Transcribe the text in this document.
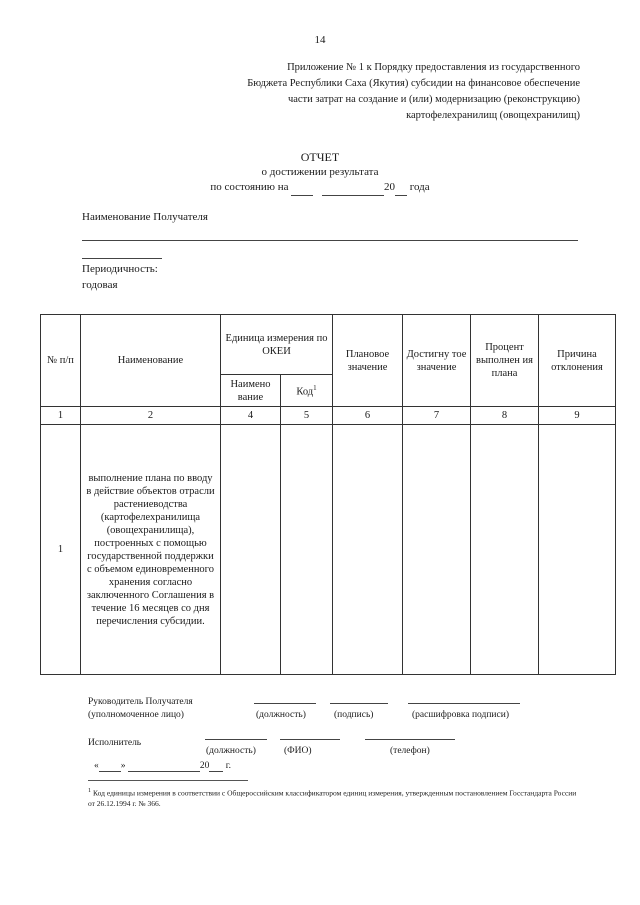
14
Приложение № 1 к Порядку предоставления из государственного
Бюджета Республики Саха (Якутия) субсидии на финансовое обеспечение
части затрат на создание и (или) модернизацию (реконструкцию)
картофелехранилищ (овощехранилищ)
ОТЧЕТ
о достижении результата
по состоянию на	20 года
Наименование Получателя
Периодичность:
годовая
№ п/п	Наименование	Единица измерения по ОКЕИ		Плановое значение	Достигну тое значение	Процент выполнен ия плана	Причина отклонения
		Наимено вание	Код$^1$
1	2	4	5	6	7	8	9
1	выполнение плана по вводу в действие объектов отрасли растениеводства (картофелехранилища (овощехранилища), построенных с помощью государственной поддержки с объемом единовременного хранения согласно заключенного Соглашения в течение 16 месяцев со дня перечисления субсидии.						
Руководитель Получателя
(уполномоченное лицо)	(должность)	(подпись)	(расшифровка подписи)
Исполнитель
(должность)	(ФИО)	(телефон)
« »	20 г.
$^1$ Код единицы измерения в соответствии с Общероссийским классификатором единиц измерения, утвержденным постановлением Госстандарта России от 26.12.1994 г. № 366.
